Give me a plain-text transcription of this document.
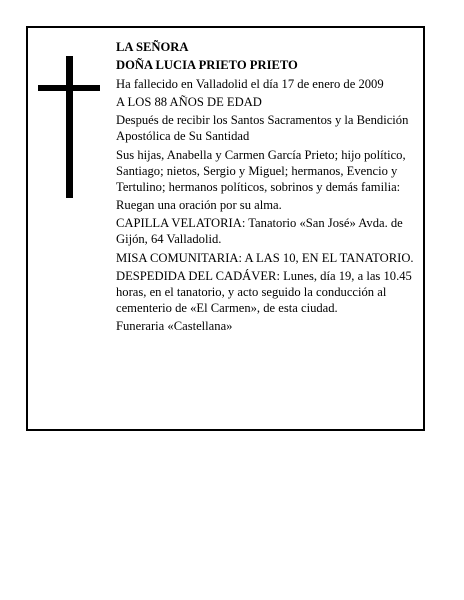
LA SEÑORA

DOÑA LUCIA PRIETO PRIETO

Ha fallecido en Valladolid el día 17 de enero de 2009

A LOS 88 AÑOS DE EDAD

Después de recibir los Santos Sacramentos y la Bendición Apostólica de Su Santidad

Sus hijas, Anabella y Carmen García Prieto; hijo político, Santiago; nietos, Sergio y Miguel; hermanos, Evencio y Tertulino; hermanos políticos, sobrinos y demás familia:

Ruegan una oración por su alma.

CAPILLA VELATORIA: Tanatorio «San José» Avda. de Gijón, 64 Valladolid.

MISA COMUNITARIA: A LAS 10, EN EL TANATORIO.

DESPEDIDA DEL CADÁVER: Lunes, día 19, a las 10.45 horas, en el tanatorio, y acto seguido la conducción al cementerio de «El Carmen», de esta ciudad.

Funeraria «Castellana»
